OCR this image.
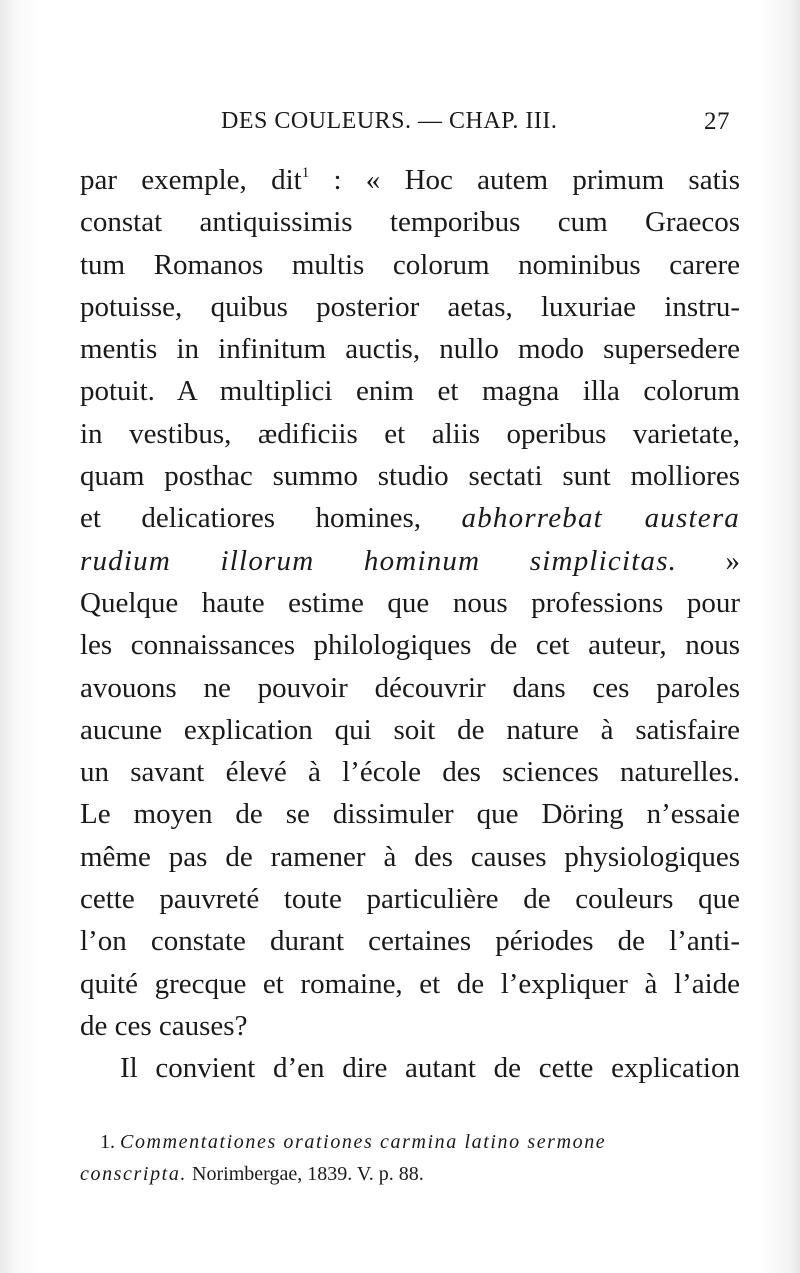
DES COULEURS. — CHAP. III.	27
par exemple, dit$^1$ : « Hoc autem primum satis
constat antiquissimis temporibus cum Graecos
tum Romanos multis colorum nominibus carere
potuisse, quibus posterior aetas, luxuriae instru-
mentis in infinitum auctis, nullo modo supersedere
potuit. A multiplici enim et magna illa colorum
in vestibus, ædificiis et aliis operibus varietate,
quam posthac summo studio sectati sunt molliores
et delicatiores homines, abhorrebat austera
rudium illorum hominum simplicitas. »
Quelque haute estime que nous professions pour
les connaissances philologiques de cet auteur, nous
avouons ne pouvoir découvrir dans ces paroles
aucune explication qui soit de nature à satisfaire
un savant élevé à l’école des sciences naturelles.
Le moyen de se dissimuler que Döring n’essaie
même pas de ramener à des causes physiologiques
cette pauvreté toute particulière de couleurs que
l’on constate durant certaines périodes de l’anti-
quité grecque et romaine, et de l’expliquer à l’aide
de ces causes?
Il convient d’en dire autant de cette explication
1. Commentationes orationes carmina latino sermone
conscripta. Norimbergae, 1839. V. p. 88.
